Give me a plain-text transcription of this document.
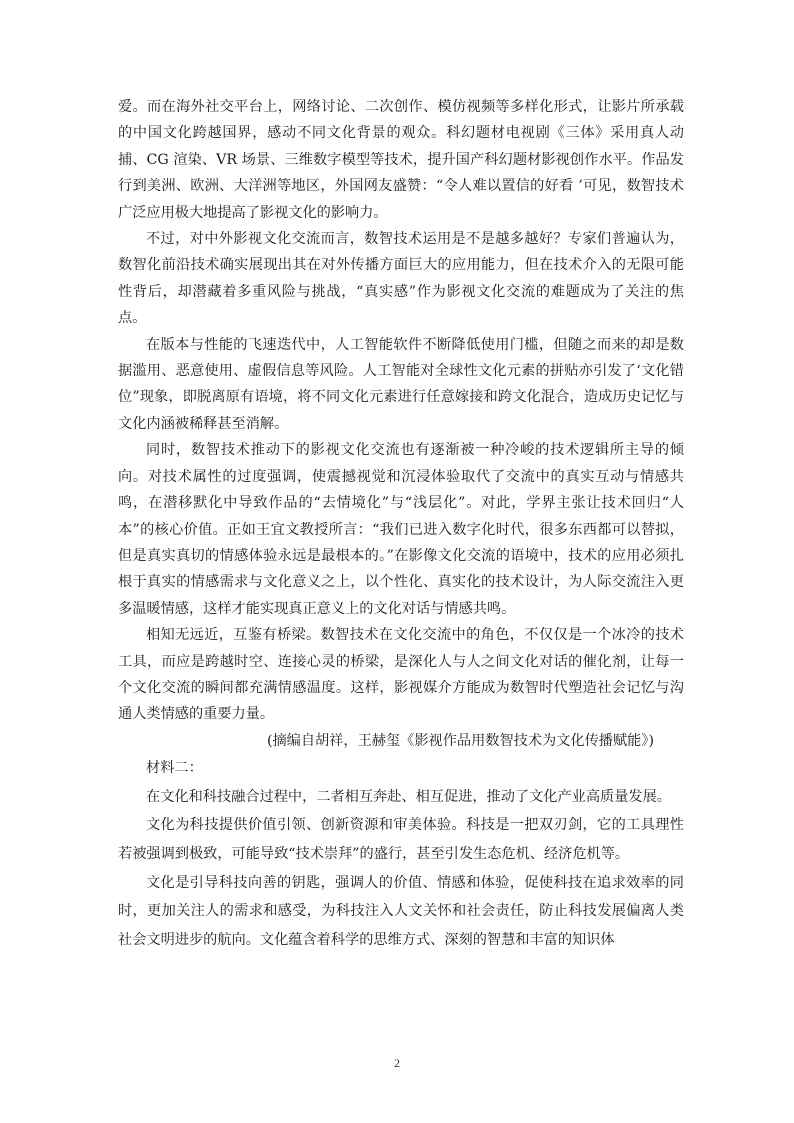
爱。而在海外社交平台上，网络讨论、二次创作、模仿视频等多样化形式，让影片所承载的中国文化跨越国界，感动不同文化背景的观众。科幻题材电视剧《三体》采用真人动捕、CG 渲染、VR 场景、三维数字模型等技术，提升国产科幻题材影视创作水平。作品发行到美洲、欧洲、大洋洲等地区，外国网友盛赞：“令人难以置信的好看 ’可见，数智技术广泛应用极大地提高了影视文化的影响力。

不过，对中外影视文化交流而言，数智技术运用是不是越多越好？专家们普遍认为，数智化前沿技术确实展现出其在对外传播方面巨大的应用能力，但在技术介入的无限可能性背后，却潜藏着多重风险与挑战，“真实感”作为影视文化交流的难题成为了关注的焦点。

在版本与性能的飞速迭代中，人工智能软件不断降低使用门槛，但随之而来的却是数据滥用、恶意使用、虚假信息等风险。人工智能对全球性文化元素的拼贴亦引发了‘文化错位”现象，即脱离原有语境，将不同文化元素进行任意嫁接和跨文化混合，造成历史记忆与文化内涵被稀释甚至消解。

同时，数智技术推动下的影视文化交流也有逐渐被一种冷峻的技术逻辑所主导的倾向。对技术属性的过度强调，使震撼视觉和沉浸体验取代了交流中的真实互动与情感共鸣，在潜移默化中导致作品的“去情境化”与“浅层化”。对此，学界主张让技术回归“人本”的核心价值。正如王宜文教授所言：“我们已进入数字化时代，很多东西都可以替拟，但是真实真切的情感体验永远是最根本的。”在影像文化交流的语境中，技术的应用必须扎根于真实的情感需求与文化意义之上，以个性化、真实化的技术设计，为人际交流注入更多温暖情感，这样才能实现真正意义上的文化对话与情感共鸣。

相知无远近，互鉴有桥梁。数智技术在文化交流中的角色，不仅仅是一个冰冷的技术工具，而应是跨越时空、连接心灵的桥梁，是深化人与人之间文化对话的催化剂，让每一个文化交流的瞬间都充满情感温度。这样，影视媒介方能成为数智时代塑造社会记忆与沟通人类情感的重要力量。

(摘编自胡祥，王赫玺《影视作品用数智技术为文化传播赋能》)

材料二：

在文化和科技融合过程中，二者相互奔赴、相互促进，推动了文化产业高质量发展。

文化为科技提供价值引领、创新资源和审美体验。科技是一把双刃剑，它的工具理性若被强调到极致，可能导致“技术崇拜”的盛行，甚至引发生态危机、经济危机等。

文化是引导科技向善的钥匙，强调人的价值、情感和体验，促使科技在追求效率的同时，更加关注人的需求和感受，为科技注入人文关怀和社会责任，防止科技发展偏离人类社会文明进步的航向。文化蕴含着科学的思维方式、深刻的智慧和丰富的知识体

2
